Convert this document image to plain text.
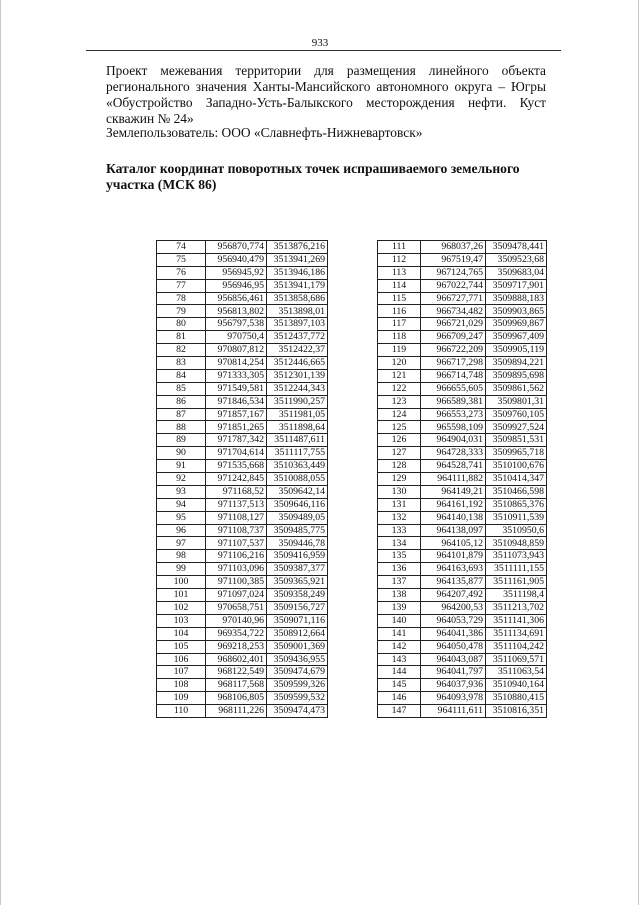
933

Проект межевания территории для размещения линейного объекта регионального значения Ханты-Мансийского автономного округа – Югры «Обустройство Западно-Усть-Балыкского месторождения нефти. Куст скважин № 24»

Землепользователь: ООО «Славнефть-Нижневартовск»
Каталог координат поворотных точек испрашиваемого земельного участка (МСК 86)
74	956870,774	3513876,216
75	956940,479	3513941,269
76	956945,92	3513946,186
77	956946,95	3513941,179
78	956856,461	3513858,686
79	956813,802	3513898,01
80	956797,538	3513897,103
81	970750,4	3512437,772
82	970807,812	3512422,37
83	970814,254	3512446,665
84	971333,305	3512301,139
85	971549,581	3512244,343
86	971846,534	3511990,257
87	971857,167	3511981,05
88	971851,265	3511898,64
89	971787,342	3511487,611
90	971704,614	3511117,755
91	971535,668	3510363,449
92	971242,845	3510088,055
93	971168,52	3509642,14
94	971137,513	3509646,116
95	971108,127	3509489,05
96	971108,737	3509485,775
97	971107,537	3509446,78
98	971106,216	3509416,959
99	971103,096	3509387,377
100	971100,385	3509365,921
101	971097,024	3509358,249
102	970658,751	3509156,727
103	970140,96	3509071,116
104	969354,722	3508912,664
105	969218,253	3509001,369
106	968602,401	3509436,955
107	968122,549	3509474,679
108	968117,568	3509599,326
109	968106,805	3509599,532
110	968111,226	3509474,473
111	968037,26	3509478,441
112	967519,47	3509523,68
113	967124,765	3509683,04
114	967022,744	3509717,901
115	966727,771	3509888,183
116	966734,482	3509903,865
117	966721,029	3509969,867
118	966709,247	3509967,409
119	966722,209	3509905,119
120	966717,298	3509894,221
121	966714,748	3509895,698
122	966655,605	3509861,562
123	966589,381	3509801,31
124	966553,273	3509760,105
125	965598,109	3509927,524
126	964904,031	3509851,531
127	964728,333	3509965,718
128	964528,741	3510100,676
129	964111,882	3510414,347
130	964149,21	3510466,598
131	964161,192	3510865,376
132	964140,138	3510911,539
133	964138,097	3510950,6
134	964105,12	3510948,859
135	964101,879	3511073,943
136	964163,693	3511111,155
137	964135,877	3511161,905
138	964207,492	3511198,4
139	964200,53	3511213,702
140	964053,729	3511141,306
141	964041,386	3511134,691
142	964050,478	3511104,242
143	964043,087	3511069,571
144	964041,797	3511063,54
145	964037,936	3510940,164
146	964093,978	3510880,415
147	964111,611	3510816,351
